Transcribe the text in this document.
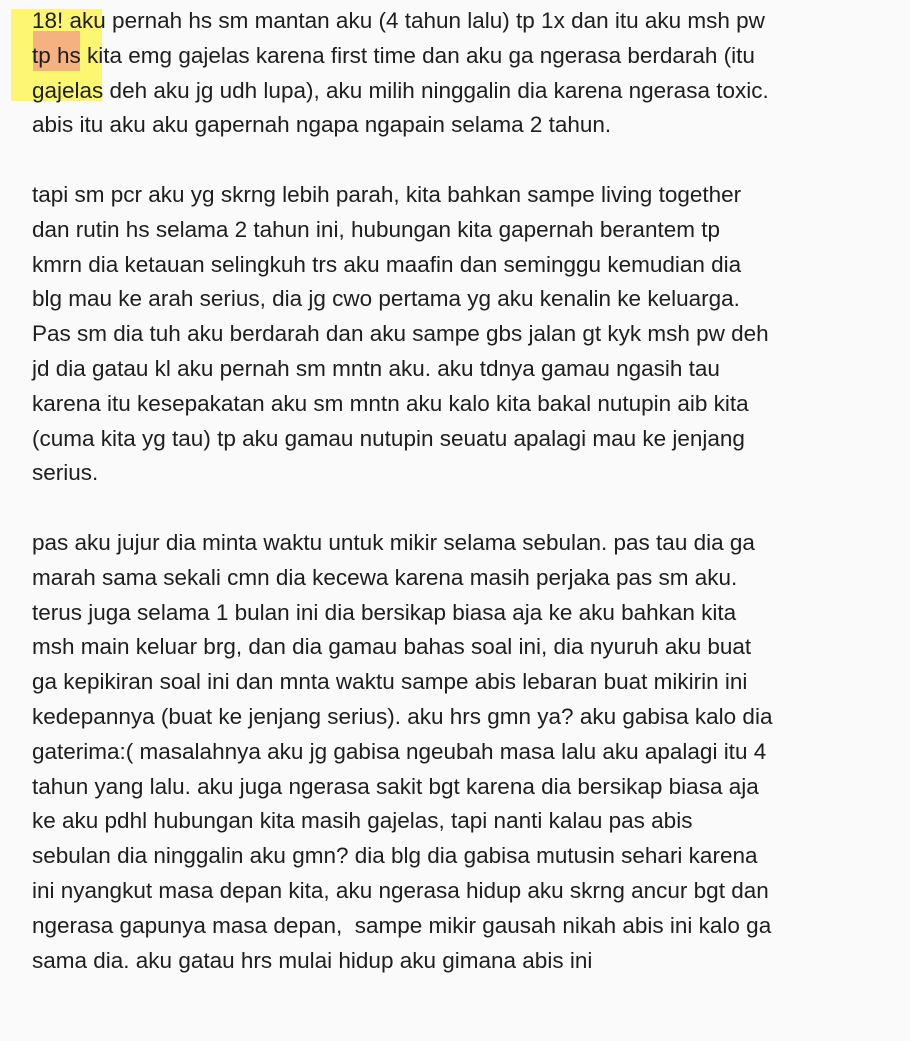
18! aku pernah hs sm mantan aku (4 tahun lalu) tp 1x dan itu aku msh pw
tp hs kita emg gajelas karena first time dan aku ga ngerasa berdarah (itu
gajelas deh aku jg udh lupa), aku milih ninggalin dia karena ngerasa toxic.
abis itu aku aku gapernah ngapa ngapain selama 2 tahun.

tapi sm pcr aku yg skrng lebih parah, kita bahkan sampe living together
dan rutin hs selama 2 tahun ini, hubungan kita gapernah berantem tp
kmrn dia ketauan selingkuh trs aku maafin dan seminggu kemudian dia
blg mau ke arah serius, dia jg cwo pertama yg aku kenalin ke keluarga.
Pas sm dia tuh aku berdarah dan aku sampe gbs jalan gt kyk msh pw deh
jd dia gatau kl aku pernah sm mntn aku. aku tdnya gamau ngasih tau
karena itu kesepakatan aku sm mntn aku kalo kita bakal nutupin aib kita
(cuma kita yg tau) tp aku gamau nutupin seuatu apalagi mau ke jenjang
serius.

pas aku jujur dia minta waktu untuk mikir selama sebulan. pas tau dia ga
marah sama sekali cmn dia kecewa karena masih perjaka pas sm aku.
terus juga selama 1 bulan ini dia bersikap biasa aja ke aku bahkan kita
msh main keluar brg, dan dia gamau bahas soal ini, dia nyuruh aku buat
ga kepikiran soal ini dan mnta waktu sampe abis lebaran buat mikirin ini
kedepannya (buat ke jenjang serius). aku hrs gmn ya? aku gabisa kalo dia
gaterima:( masalahnya aku jg gabisa ngeubah masa lalu aku apalagi itu 4
tahun yang lalu. aku juga ngerasa sakit bgt karena dia bersikap biasa aja
ke aku pdhl hubungan kita masih gajelas, tapi nanti kalau pas abis
sebulan dia ninggalin aku gmn? dia blg dia gabisa mutusin sehari karena
ini nyangkut masa depan kita, aku ngerasa hidup aku skrng ancur bgt dan
ngerasa gapunya masa depan,  sampe mikir gausah nikah abis ini kalo ga
sama dia. aku gatau hrs mulai hidup aku gimana abis ini
